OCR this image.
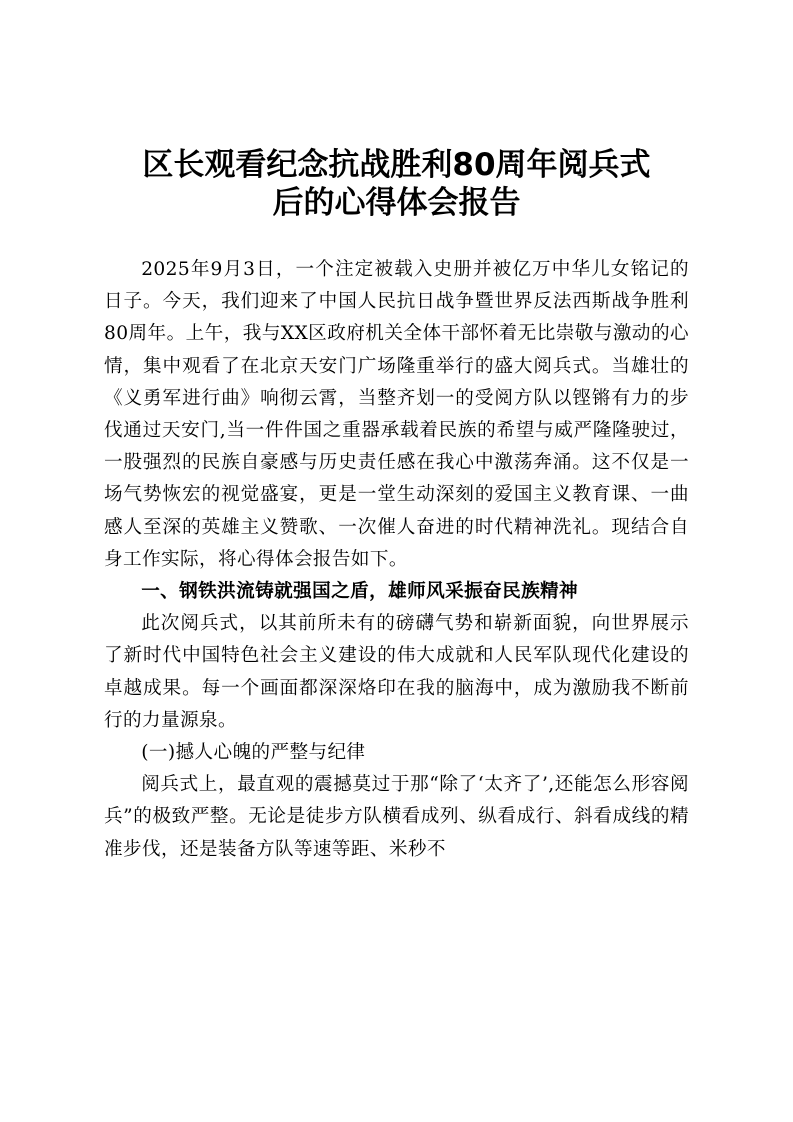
区长观看纪念抗战胜利80周年阅兵式
后的心得体会报告

2025年9月3日，一个注定被载入史册并被亿万中华儿女铭记的日子。今天，我们迎来了中国人民抗日战争暨世界反法西斯战争胜利80周年。上午，我与XX区政府机关全体干部怀着无比崇敬与激动的心情，集中观看了在北京天安门广场隆重举行的盛大阅兵式。当雄壮的《义勇军进行曲》响彻云霄，当整齐划一的受阅方队以铿锵有力的步伐通过天安门,当一件件国之重器承载着民族的希望与威严隆隆驶过，一股强烈的民族自豪感与历史责任感在我心中激荡奔涌。这不仅是一场气势恢宏的视觉盛宴，更是一堂生动深刻的爱国主义教育课、一曲感人至深的英雄主义赞歌、一次催人奋进的时代精神洗礼。现结合自身工作实际，将心得体会报告如下。

一、钢铁洪流铸就强国之盾，雄师风采振奋民族精神

此次阅兵式，以其前所未有的磅礴气势和崭新面貌，向世界展示了新时代中国特色社会主义建设的伟大成就和人民军队现代化建设的卓越成果。每一个画面都深深烙印在我的脑海中，成为激励我不断前行的力量源泉。

(一)撼人心魄的严整与纪律

阅兵式上，最直观的震撼莫过于那“除了‘太齐了’,还能怎么形容阅兵”的极致严整。无论是徒步方队横看成列、纵看成行、斜看成线的精准步伐，还是装备方队等速等距、米秒不
